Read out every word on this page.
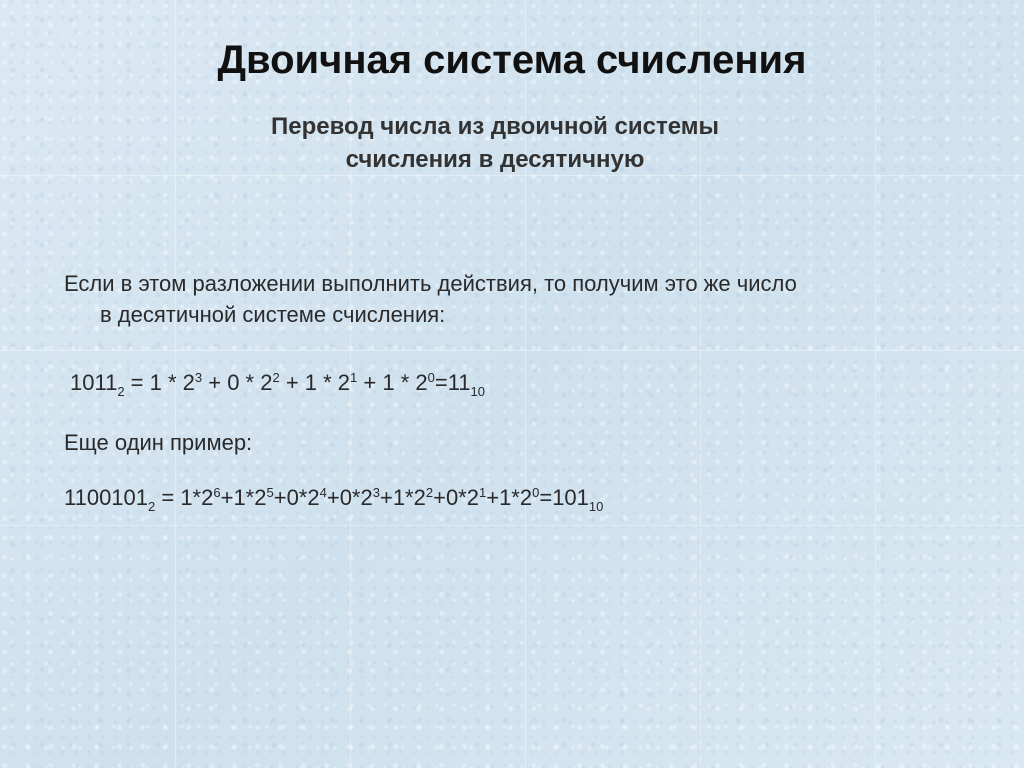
Двоичная система счисления
Перевод числа из двоичной системы
счисления в десятичную

Если в этом разложении выполнить действия, то получим это же число
в десятичной системе счисления:

$1011_2 = 1 * 2^3 + 0 * 2^2 + 1 * 2^1 + 1 * 2^0=11_{10}$

Еще один пример:

$1100101_2 = 1*2^6+1*2^5+0*2^4+0*2^3+1*2^2+0*2^1+1*2^0=101_{10}$
